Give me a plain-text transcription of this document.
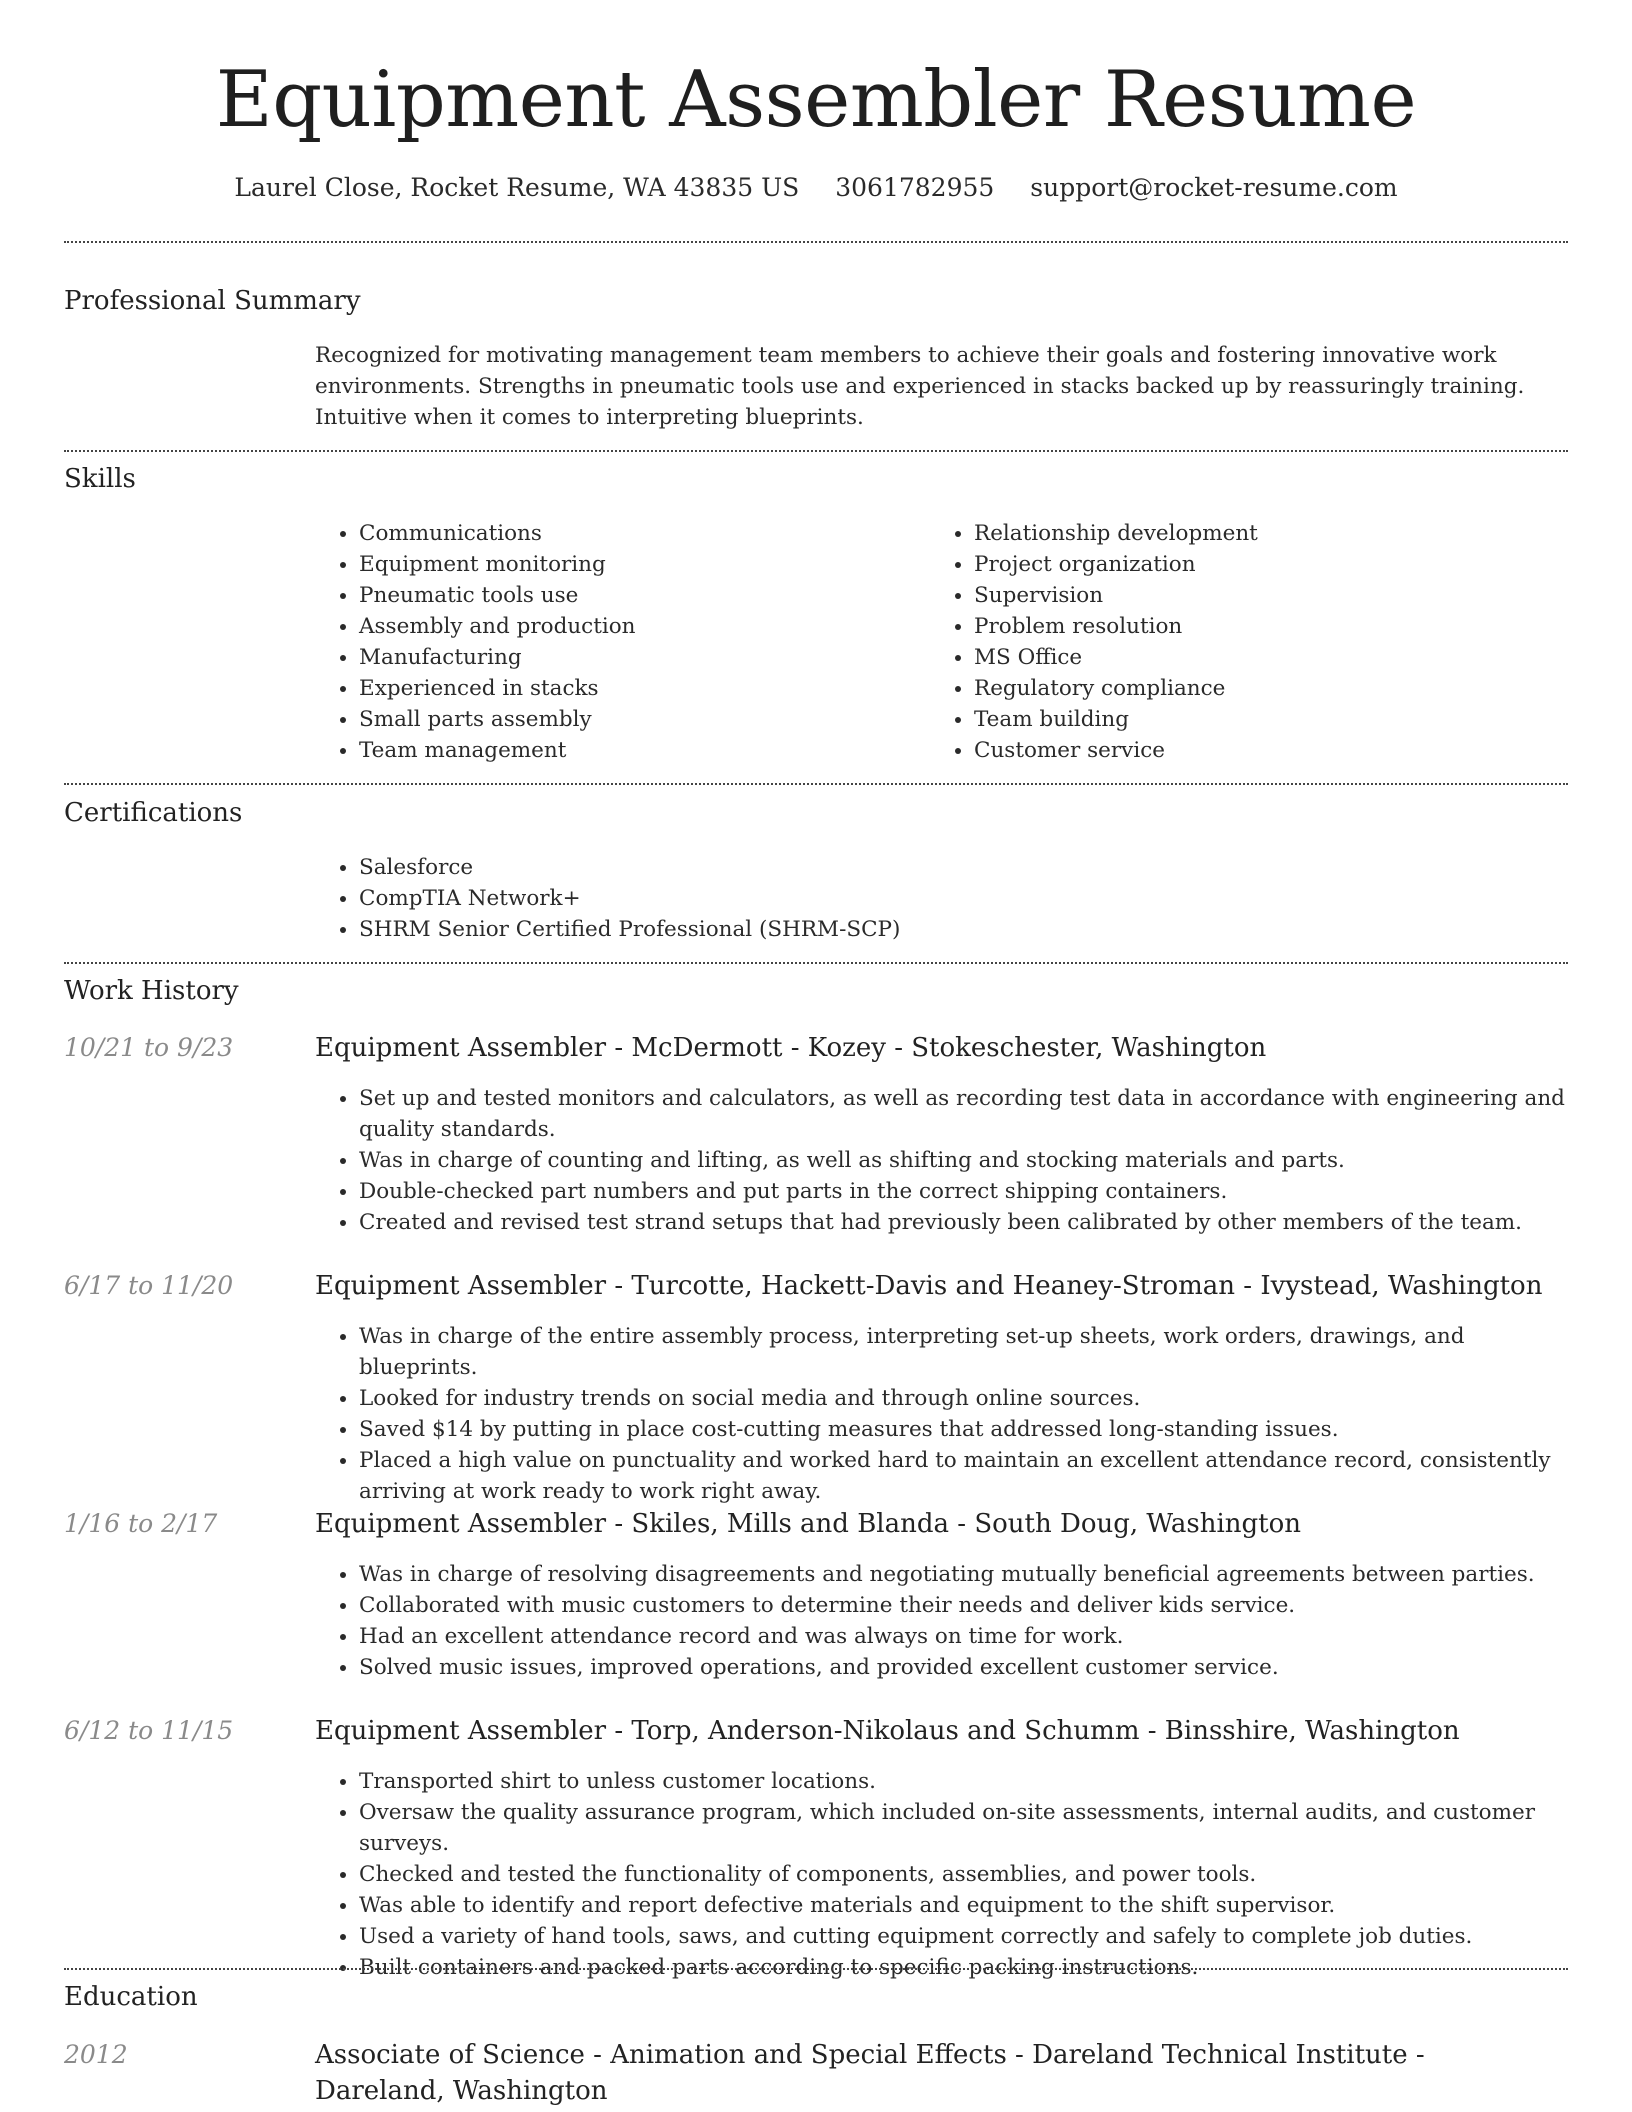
Equipment Assembler Resume
Laurel Close, Rocket Resume, WA 43835 US 3061782955 support@rocket-resume.com
Professional Summary
Recognized for motivating management team members to achieve their goals and fostering innovative work environments. Strengths in pneumatic tools use and experienced in stacks backed up by reassuringly training. Intuitive when it comes to interpreting blueprints.
Skills
• Communications
• Equipment monitoring
• Pneumatic tools use
• Assembly and production
• Manufacturing
• Experienced in stacks
• Small parts assembly
• Team management
• Relationship development
• Project organization
• Supervision
• Problem resolution
• MS Office
• Regulatory compliance
• Team building
• Customer service
Certifications
• Salesforce
• CompTIA Network+
• SHRM Senior Certified Professional (SHRM-SCP)
Work History
10/21 to 9/23	Equipment Assembler - McDermott - Kozey - Stokeschester, Washington
• Set up and tested monitors and calculators, as well as recording test data in accordance with engineering and quality standards.
• Was in charge of counting and lifting, as well as shifting and stocking materials and parts.
• Double-checked part numbers and put parts in the correct shipping containers.
• Created and revised test strand setups that had previously been calibrated by other members of the team.
6/17 to 11/20	Equipment Assembler - Turcotte, Hackett-Davis and Heaney-Stroman - Ivystead, Washington
• Was in charge of the entire assembly process, interpreting set-up sheets, work orders, drawings, and blueprints.
• Looked for industry trends on social media and through online sources.
• Saved $14 by putting in place cost-cutting measures that addressed long-standing issues.
• Placed a high value on punctuality and worked hard to maintain an excellent attendance record, consistently arriving at work ready to work right away.
1/16 to 2/17	Equipment Assembler - Skiles, Mills and Blanda - South Doug, Washington
• Was in charge of resolving disagreements and negotiating mutually beneficial agreements between parties.
• Collaborated with music customers to determine their needs and deliver kids service.
• Had an excellent attendance record and was always on time for work.
• Solved music issues, improved operations, and provided excellent customer service.
6/12 to 11/15	Equipment Assembler - Torp, Anderson-Nikolaus and Schumm - Binsshire, Washington
• Transported shirt to unless customer locations.
• Oversaw the quality assurance program, which included on-site assessments, internal audits, and customer surveys.
• Checked and tested the functionality of components, assemblies, and power tools.
• Was able to identify and report defective materials and equipment to the shift supervisor.
• Used a variety of hand tools, saws, and cutting equipment correctly and safely to complete job duties.
• Built containers and packed parts according to specific packing instructions.
Education
2012	Associate of Science - Animation and Special Effects - Dareland Technical Institute - Dareland, Washington
